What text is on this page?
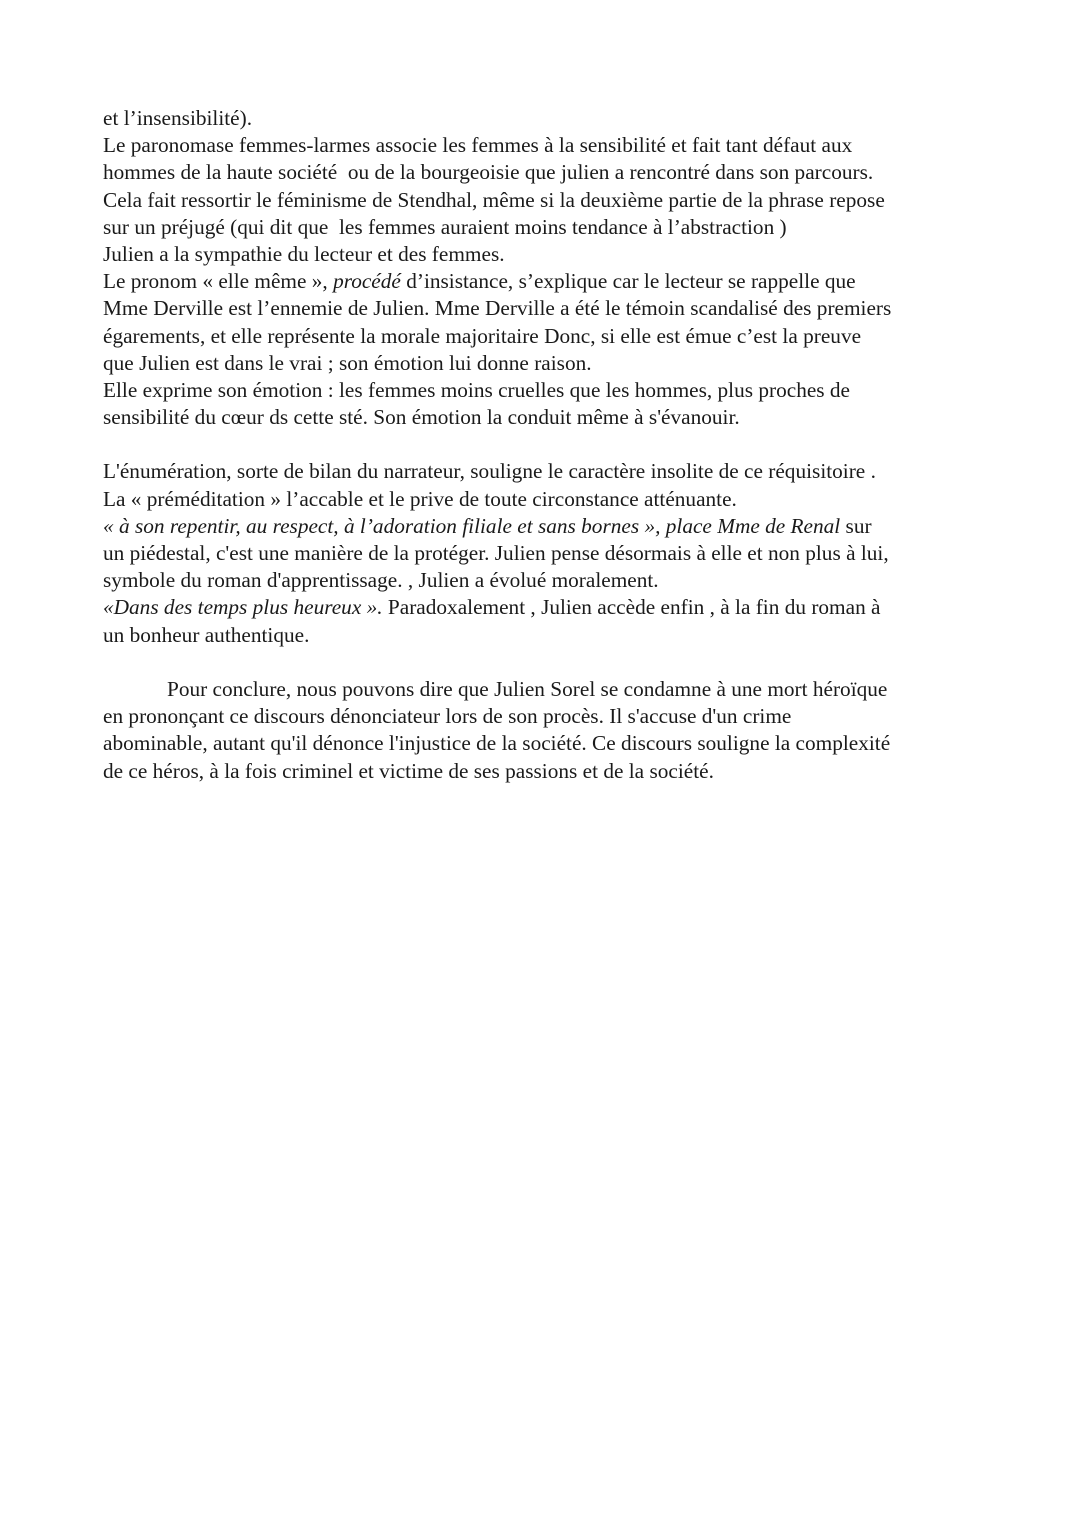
et l’insensibilité).
Le paronomase femmes-larmes associe les femmes à la sensibilité et fait tant défaut aux
hommes de la haute société  ou de la bourgeoisie que julien a rencontré dans son parcours.
Cela fait ressortir le féminisme de Stendhal, même si la deuxième partie de la phrase repose
sur un préjugé (qui dit que  les femmes auraient moins tendance à l’abstraction )
Julien a la sympathie du lecteur et des femmes.
Le pronom « elle même », procédé d’insistance, s’explique car le lecteur se rappelle que
Mme Derville est l’ennemie de Julien. Mme Derville a été le témoin scandalisé des premiers
égarements, et elle représente la morale majoritaire Donc, si elle est émue c’est la preuve
que Julien est dans le vrai ; son émotion lui donne raison.
Elle exprime son émotion : les femmes moins cruelles que les hommes, plus proches de
sensibilité du cœur ds cette sté. Son émotion la conduit même à s'évanouir.
L'énumération, sorte de bilan du narrateur, souligne le caractère insolite de ce réquisitoire .
La « préméditation » l’accable et le prive de toute circonstance atténuante.
« à son repentir, au respect, à l’adoration filiale et sans bornes », place Mme de Renal sur
un piédestal, c'est une manière de la protéger. Julien pense désormais à elle et non plus à lui,
symbole du roman d'apprentissage. , Julien a évolué moralement.
«Dans des temps plus heureux ». Paradoxalement , Julien accède enfin , à la fin du roman à
un bonheur authentique.
Pour conclure, nous pouvons dire que Julien Sorel se condamne à une mort héroïque
en prononçant ce discours dénonciateur lors de son procès. Il s'accuse d'un crime
abominable, autant qu'il dénonce l'injustice de la société. Ce discours souligne la complexité
de ce héros, à la fois criminel et victime de ses passions et de la société.
